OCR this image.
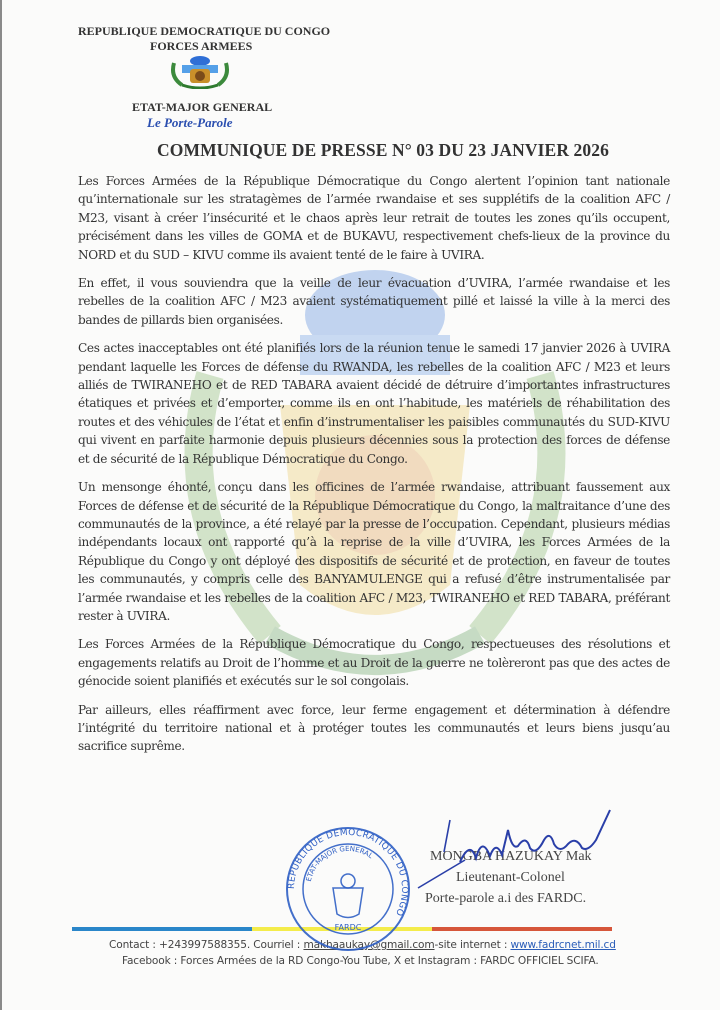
REPUBLIQUE DEMOCRATIQUE DU CONGO
FORCES ARMEES
ETAT-MAJOR GENERAL
Le Porte-Parole
COMMUNIQUE DE PRESSE N° 03 DU 23 JANVIER 2026

Les Forces Armées de la République Démocratique du Congo alertent l’opinion tant nationale qu’internationale sur les stratagèmes de l’armée rwandaise et ses supplétifs de la coalition AFC / M23, visant à créer l’insécurité et le chaos après leur retrait de toutes les zones qu’ils occupent, précisément dans les villes de GOMA et de BUKAVU, respectivement chefs-lieux de la province du NORD et du SUD – KIVU comme ils avaient tenté de le faire à UVIRA.

En effet, il vous souviendra que la veille de leur évacuation d’UVIRA, l’armée rwandaise et les rebelles de la coalition AFC / M23 avaient systématiquement pillé et laissé la ville à la merci des bandes de pillards bien organisées.

Ces actes inacceptables ont été planifiés lors de la réunion tenue le samedi 17 janvier 2026 à UVIRA pendant laquelle les Forces de défense du RWANDA, les rebelles de la coalition AFC / M23 et leurs alliés de TWIRANEHO et de RED TABARA avaient décidé de détruire d’importantes infrastructures étatiques et privées et d’emporter, comme ils en ont l’habitude, les matériels de réhabilitation des routes et des véhicules de l’état et enfin d’instrumentaliser les paisibles communautés du SUD-KIVU qui vivent en parfaite harmonie depuis plusieurs décennies sous la protection des forces de défense et de sécurité de la République Démocratique du Congo.

Un mensonge éhonté, conçu dans les officines de l’armée rwandaise, attribuant faussement aux Forces de défense et de sécurité de la République Démocratique du Congo, la maltraitance d’une des communautés de la province, a été relayé par la presse de l’occupation. Cependant, plusieurs médias indépendants locaux ont rapporté qu’à la reprise de la ville d’UVIRA, les Forces Armées de la République du Congo y ont déployé des dispositifs de sécurité et de protection, en faveur de toutes les communautés, y compris celle des BANYAMULENGE qui a refusé d’être instrumentalisée par l’armée rwandaise et les rebelles de la coalition AFC / M23, TWIRANEHO et RED TABARA, préférant rester à UVIRA.

Les Forces Armées de la République Démocratique du Congo, respectueuses des résolutions et engagements relatifs au Droit de l’homme et au Droit de la guerre ne tolèreront pas que des actes de génocide soient planifiés et exécutés sur le sol congolais.

Par ailleurs, elles réaffirment avec force, leur ferme engagement et détermination à défendre l’intégrité du territoire national et à protéger toutes les communautés et leurs biens jusqu’au sacrifice suprême.

REPUBLIQUE DEMOCRATIQUE DU CONGO
ETAT-MAJOR GENERAL
FARDC
MONGBA HAZUKAY Mak
Lieutenant-Colonel
Porte-parole a.i des FARDC.
Contact : +243997588355. Courriel : makhaaukay@gmail.com-site internet : www.fadrcnet.mil.cd
Facebook : Forces Armées de la RD Congo-You Tube, X et Instagram : FARDC OFFICIEL SCIFA.
